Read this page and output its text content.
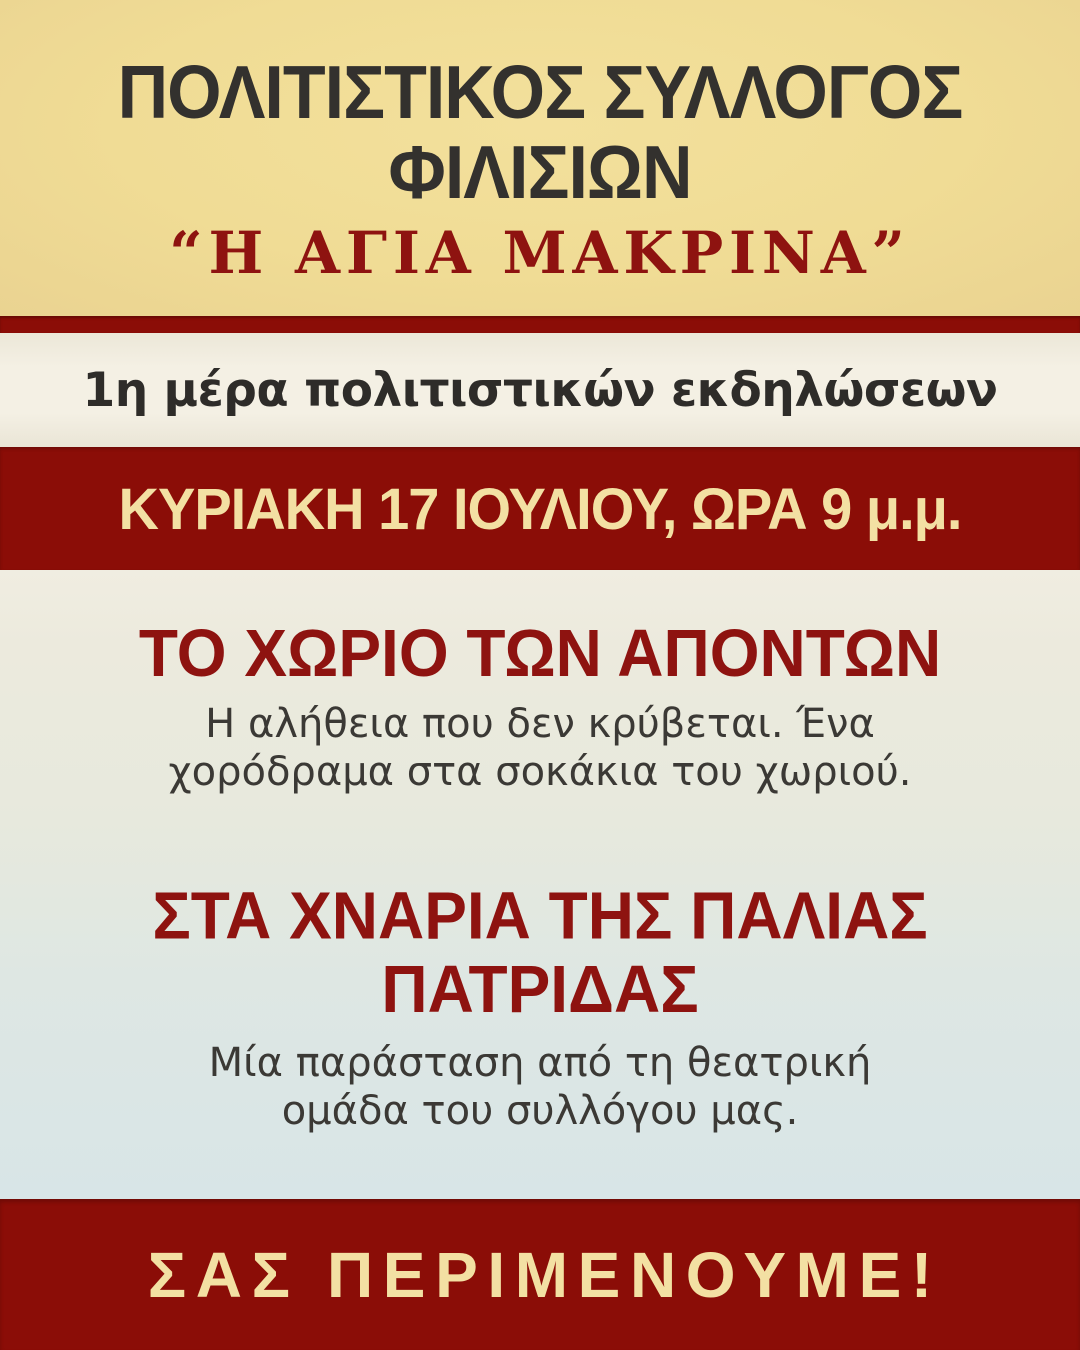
ΠΟΛΙΤΙΣΤΙΚΟΣ ΣΥΛΛΟΓΟΣ
ΦΙΛΙΣΙΩΝ
“Η ΑΓΙΑ ΜΑΚΡΙΝΑ”
1η μέρα πολιτιστικών εκδηλώσεων
ΚΥΡΙΑΚΗ 17 ΙΟΥΛΙΟΥ, ΩΡΑ 9 μ.μ.
ΤΟ ΧΩΡΙΟ ΤΩΝ ΑΠΟΝΤΩΝ

Η αλήθεια που δεν κρύβεται. Ένα χορόδραμα στα σοκάκια του χωριού.

ΣΤΑ ΧΝΑΡΙΑ ΤΗΣ ΠΑΛΙΑΣ ΠΑΤΡΙΔΑΣ

Μία παράσταση από τη θεατρική ομάδα του συλλόγου μας.

ΣΑΣ ΠΕΡΙΜΕΝΟΥΜΕ!
